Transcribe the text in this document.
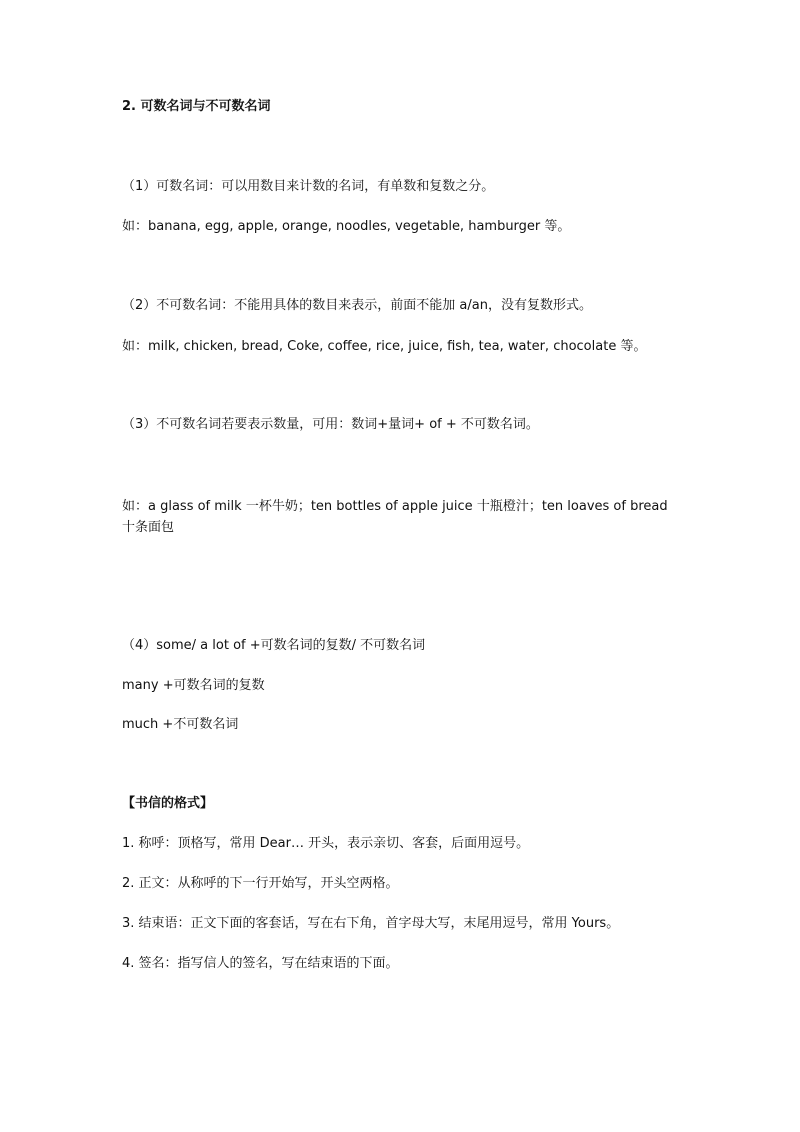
2. 可数名词与不可数名词
（1）可数名词：可以用数目来计数的名词，有单数和复数之分。
如：banana, egg, apple, orange, noodles, vegetable, hamburger 等。
（2）不可数名词：不能用具体的数目来表示，前面不能加 a/an，没有复数形式。
如：milk, chicken, bread, Coke, coffee, rice, juice, fish, tea, water, chocolate 等。
（3）不可数名词若要表示数量，可用：数词+量词+ of + 不可数名词。
如：a glass of milk 一杯牛奶；ten bottles of apple juice 十瓶橙汁；ten loaves of bread 十条面包
（4）some/ a lot of +可数名词的复数/ 不可数名词
many +可数名词的复数
much +不可数名词
【书信的格式】
1. 称呼：顶格写，常用 Dear… 开头，表示亲切、客套，后面用逗号。
2. 正文：从称呼的下一行开始写，开头空两格。
3. 结束语：正文下面的客套话，写在右下角，首字母大写，末尾用逗号，常用 Yours。
4. 签名：指写信人的签名，写在结束语的下面。
